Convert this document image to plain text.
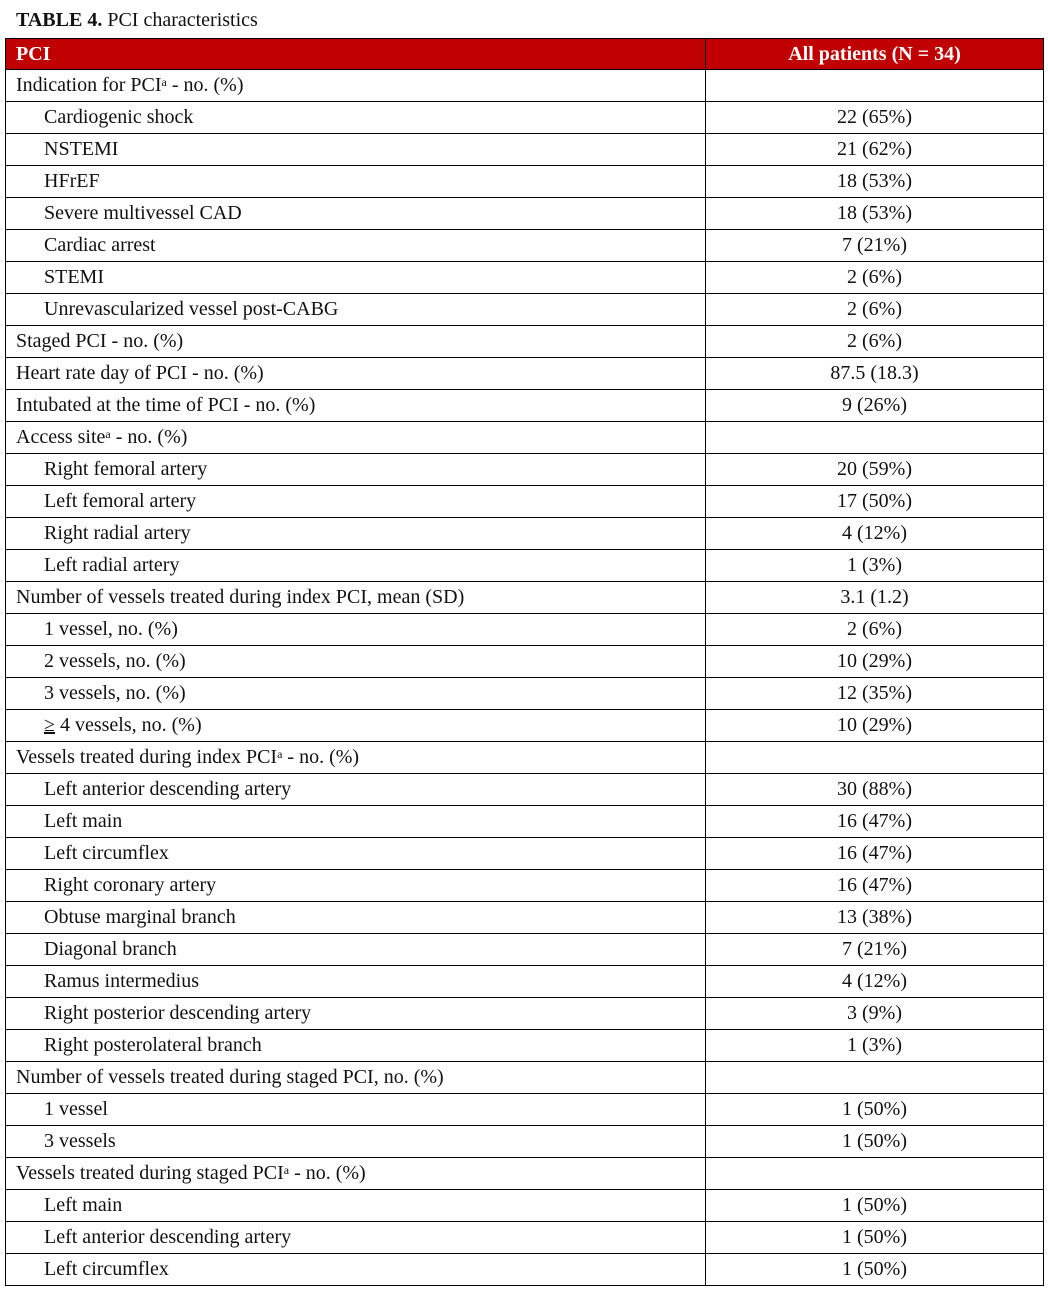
TABLE 4. PCI characteristics
PCI	All patients (N = 34)
Indication for PCI$^a$ - no. (%)	
Cardiogenic shock	22 (65%)
NSTEMI	21 (62%)
HFrEF	18 (53%)
Severe multivessel CAD	18 (53%)
Cardiac arrest	7 (21%)
STEMI	2 (6%)
Unrevascularized vessel post-CABG	2 (6%)
Staged PCI - no. (%)	2 (6%)
Heart rate day of PCI - no. (%)	87.5 (18.3)
Intubated at the time of PCI - no. (%)	9 (26%)
Access site$^a$ - no. (%)	
Right femoral artery	20 (59%)
Left femoral artery	17 (50%)
Right radial artery	4 (12%)
Left radial artery	1 (3%)
Number of vessels treated during index PCI, mean (SD)	3.1 (1.2)
1 vessel, no. (%)	2 (6%)
2 vessels, no. (%)	10 (29%)
3 vessels, no. (%)	12 (35%)
≥ 4 vessels, no. (%)	10 (29%)
Vessels treated during index PCI$^a$ - no. (%)	
Left anterior descending artery	30 (88%)
Left main	16 (47%)
Left circumflex	16 (47%)
Right coronary artery	16 (47%)
Obtuse marginal branch	13 (38%)
Diagonal branch	7 (21%)
Ramus intermedius	4 (12%)
Right posterior descending artery	3 (9%)
Right posterolateral branch	1 (3%)
Number of vessels treated during staged PCI, no. (%)	
1 vessel	1 (50%)
3 vessels	1 (50%)
Vessels treated during staged PCI$^a$ - no. (%)	
Left main	1 (50%)
Left anterior descending artery	1 (50%)
Left circumflex	1 (50%)
